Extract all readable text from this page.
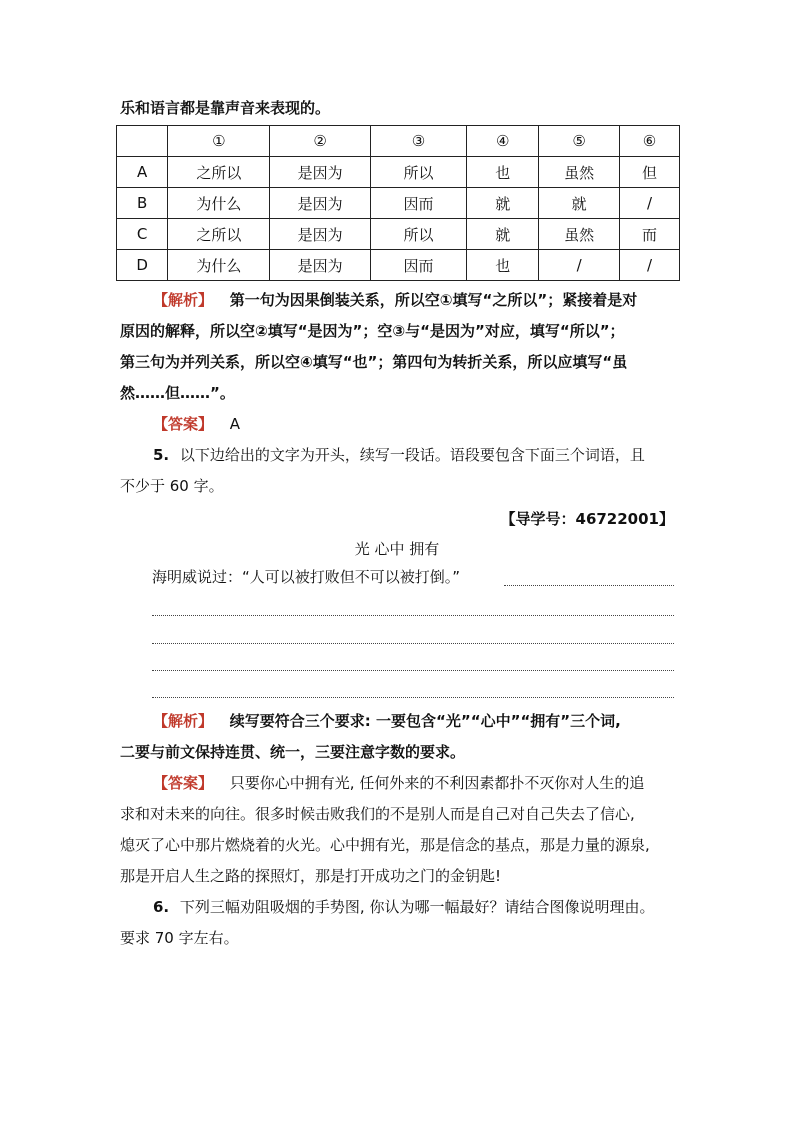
乐和语言都是靠声音来表现的。
	①	②	③	④	⑤	⑥
A	之所以	是因为	所以	也	虽然	但
B	为什么	是因为	因而	就	就	/
C	之所以	是因为	所以	就	虽然	而
D	为什么	是因为	因而	也	/	/
【解析】 第一句为因果倒装关系，所以空①填写“之所以”；紧接着是对
原因的解释，所以空②填写“是因为”；空③与“是因为”对应，填写“所以”；
第三句为并列关系，所以空④填写“也”；第四句为转折关系，所以应填写“虽
然……但……”。
【答案】 A
5. 以下边给出的文字为开头，续写一段话。语段要包含下面三个词语，且
不少于 60 字。
【导学号：46722001】
光 心中 拥有
海明威说过：“人可以被打败但不可以被打倒。”
【解析】 续写要符合三个要求: 一要包含“光”“心中”“拥有”三个词,
二要与前文保持连贯、统一，三要注意字数的要求。
【答案】 只要你心中拥有光, 任何外来的不利因素都扑不灭你对人生的追
求和对未来的向往。很多时候击败我们的不是别人而是自己对自己失去了信心,
熄灭了心中那片燃烧着的火光。心中拥有光，那是信念的基点，那是力量的源泉,
那是开启人生之路的探照灯，那是打开成功之门的金钥匙!
6. 下列三幅劝阻吸烟的手势图, 你认为哪一幅最好？请结合图像说明理由。
要求 70 字左右。
